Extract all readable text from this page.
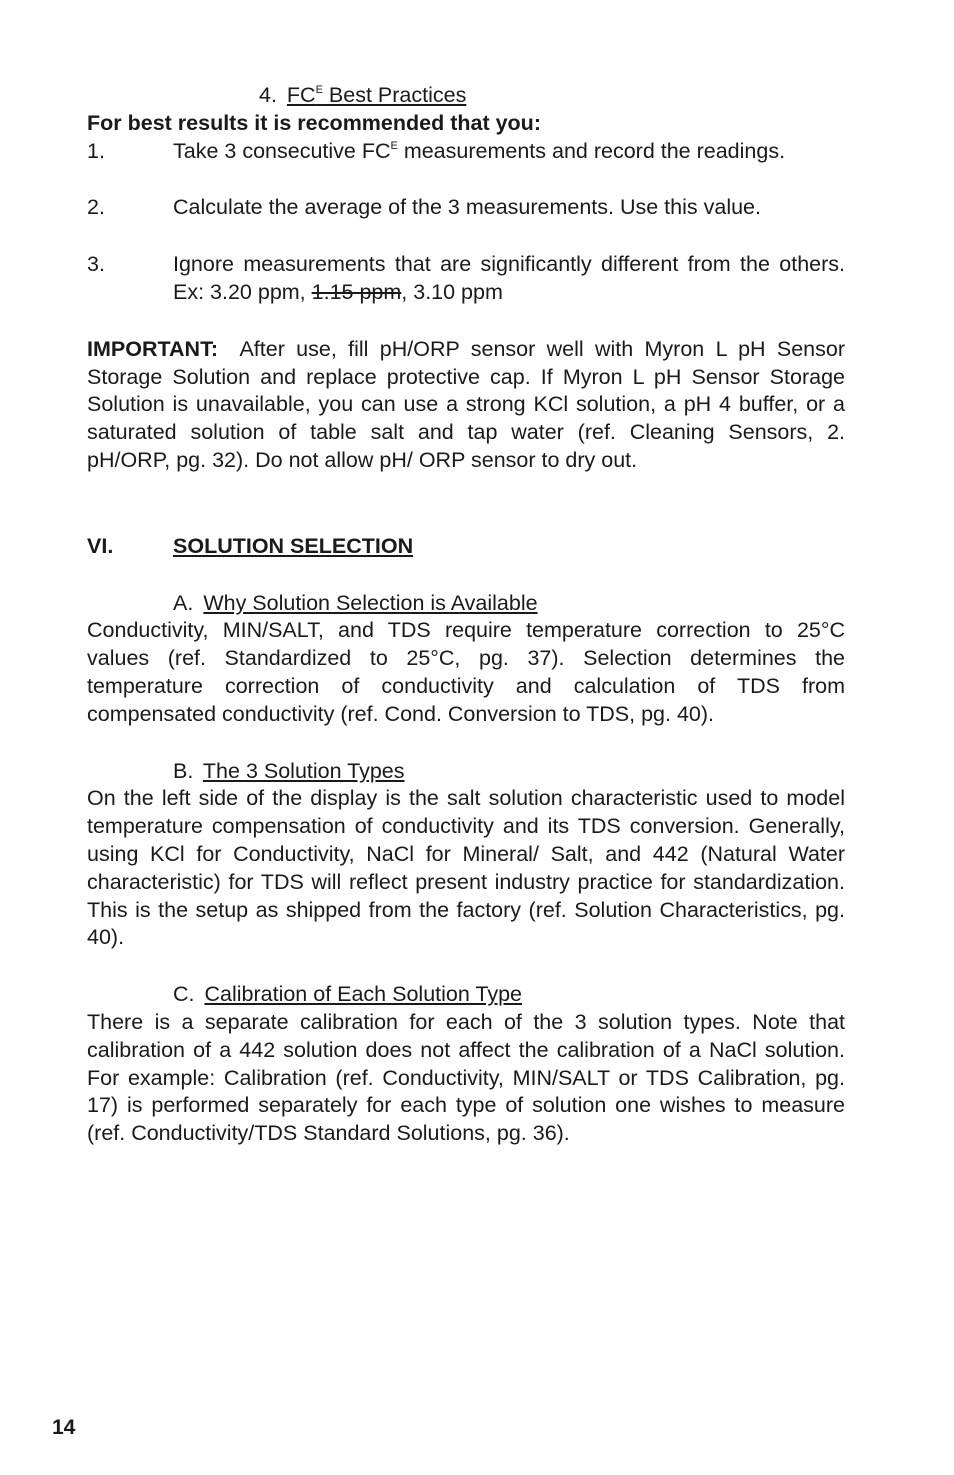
4. $FC^E$ Best Practices

For best results it is recommended that you:

1.	Take 3 consecutive $FC^E$ measurements and record the readings.
2.	Calculate the average of the 3 measurements. Use this value.
3.	Ignore measurements that are significantly different from the others. Ex: 3.20 ppm, 1.15 ppm, 3.10 ppm

IMPORTANT: After use, fill pH/ORP sensor well with Myron L pH Sensor Storage Solution and replace protective cap. If Myron L pH Sensor Storage Solution is unavailable, you can use a strong KCl solution, a pH 4 buffer, or a saturated solution of table salt and tap water (ref. Cleaning Sensors, 2. pH/ORP, pg. 32). Do not allow pH/ ORP sensor to dry out.

VI.	SOLUTION SELECTION

A. Why Solution Selection is Available

Conductivity, MIN/SALT, and TDS require temperature correction to 25°C values (ref. Standardized to 25°C, pg. 37). Selection determines the temperature correction of conductivity and calculation of TDS from compensated conductivity (ref. Cond. Conversion to TDS, pg. 40).

B. The 3 Solution Types

On the left side of the display is the salt solution characteristic used to model temperature compensation of conductivity and its TDS conversion. Generally, using KCl for Conductivity, NaCl for Mineral/ Salt, and 442 (Natural Water characteristic) for TDS will reflect present industry practice for standardization. This is the setup as shipped from the factory (ref. Solution Characteristics, pg. 40).

C. Calibration of Each Solution Type

There is a separate calibration for each of the 3 solution types. Note that calibration of a 442 solution does not affect the calibration of a NaCl solution. For example: Calibration (ref. Conductivity, MIN/SALT or TDS Calibration, pg. 17) is performed separately for each type of solution one wishes to measure (ref. Conductivity/TDS Standard Solutions, pg. 36).

14
